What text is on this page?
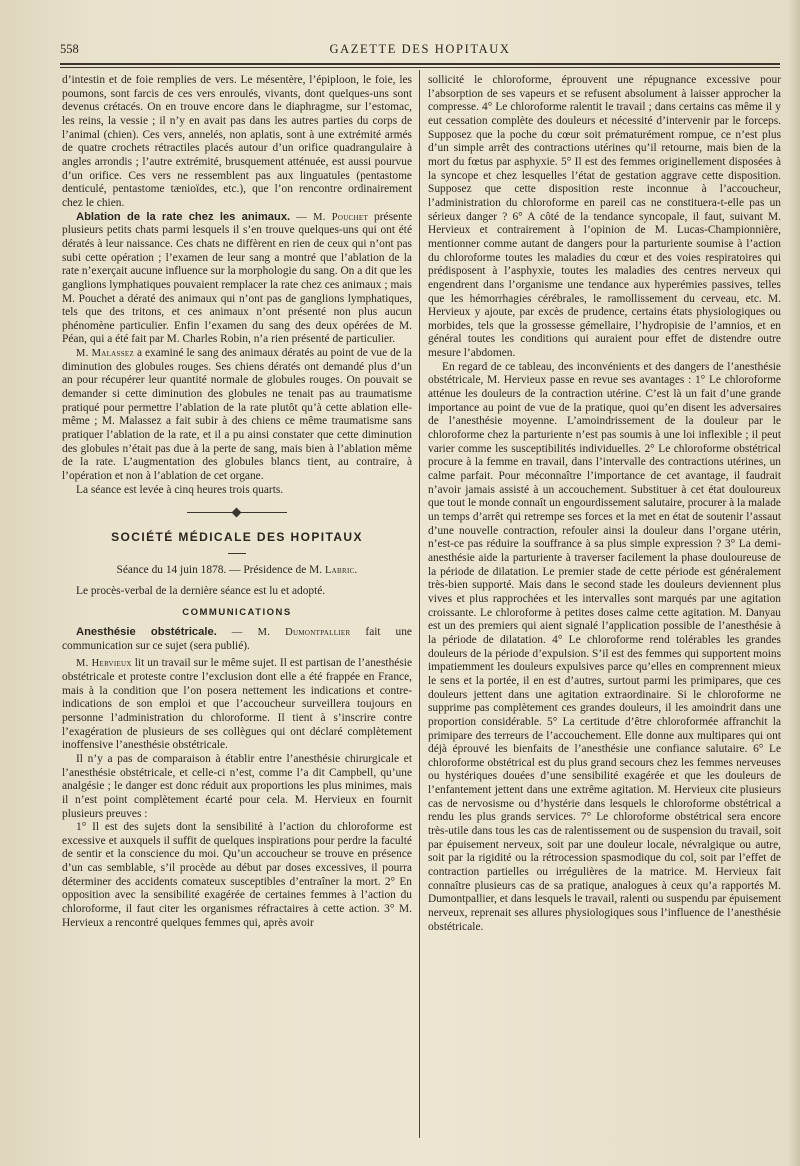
558	GAZETTE DES HOPITAUX

d’intestin et de foie remplies de vers. Le mésentère, l’épiploon, le foie, les poumons, sont farcis de ces vers enroulés, vivants, dont quelques-uns sont devenus crétacés. On en trouve encore dans le diaphragme, sur l’estomac, les reins, la vessie ; il n’y en avait pas dans les autres parties du corps de l’animal (chien). Ces vers, annelés, non aplatis, sont à une extrémité armés de quatre crochets rétractiles placés autour d’un orifice quadrangulaire à angles arrondis ; l’autre extrémité, brusquement atténuée, est aussi pourvue d’un orifice. Ces vers ne ressemblent pas aux linguatules (pentastome denticulé, pentastome tænioïdes, etc.), que l’on rencontre ordinairement chez le chien.

Ablation de la rate chez les animaux. — M. Pouchet présente plusieurs petits chats parmi lesquels il s’en trouve quelques-uns qui ont été dératés à leur naissance. Ces chats ne diffèrent en rien de ceux qui n’ont pas subi cette opération ; l’examen de leur sang a montré que l’ablation de la rate n’exerçait aucune influence sur la morphologie du sang. On a dit que les ganglions lymphatiques pouvaient remplacer la rate chez ces animaux ; mais M. Pouchet a dératé des animaux qui n’ont pas de ganglions lymphatiques, tels que des tritons, et ces animaux n’ont présenté non plus aucun phénomène particulier. Enfin l’examen du sang des deux opérées de M. Péan, qui a été fait par M. Charles Robin, n’a rien présenté de particulier.

M. Malassez a examiné le sang des animaux dératés au point de vue de la diminution des globules rouges. Ses chiens dératés ont demandé plus d’un an pour récupérer leur quantité normale de globules rouges. On pouvait se demander si cette diminution des globules ne tenait pas au traumatisme pratiqué pour permettre l’ablation de la rate plutôt qu’à cette ablation elle-même ; M. Malassez a fait subir à des chiens ce même traumatisme sans pratiquer l’ablation de la rate, et il a pu ainsi constater que cette diminution des globules n’était pas due à la perte de sang, mais bien à l’ablation même de la rate. L’augmentation des globules blancs tient, au contraire, à l’opération et non à l’ablation de cet organe.

La séance est levée à cinq heures trois quarts.

SOCIÉTÉ MÉDICALE DES HOPITAUX

Séance du 14 juin 1878. — Présidence de M. Labric.

Le procès-verbal de la dernière séance est lu et adopté.

COMMUNICATIONS

Anesthésie obstétricale. — M. Dumontpallier fait une communication sur ce sujet (sera publié).

M. Hervieux lit un travail sur le même sujet. Il est partisan de l’anesthésie obstétricale et proteste contre l’exclusion dont elle a été frappée en France, mais à la condition que l’on posera nettement les indications et contre-indications de son emploi et que l’accoucheur surveillera toujours en personne l’administration du chloroforme. Il tient à s’inscrire contre l’exagération de plusieurs de ses collègues qui ont déclaré complètement inoffensive l’anesthésie obstétricale.

Il n’y a pas de comparaison à établir entre l’anesthésie chirurgicale et l’anesthésie obstétricale, et celle-ci n’est, comme l’a dit Campbell, qu’une analgésie ; le danger est donc réduit aux proportions les plus minimes, mais il n’est point complètement écarté pour cela. M. Hervieux en fournit plusieurs preuves :

1° Il est des sujets dont la sensibilité à l’action du chloroforme est excessive et auxquels il suffit de quelques inspirations pour perdre la faculté de sentir et la conscience du moi. Qu’un accoucheur se trouve en présence d’un cas semblable, s’il procède au début par doses excessives, il pourra déterminer des accidents comateux susceptibles d’entraîner la mort. 2° En opposition avec la sensibilité exagérée de certaines femmes à l’action du chloroforme, il faut citer les organismes réfractaires à cette action. 3° M. Hervieux a rencontré quelques femmes qui, après avoir

sollicité le chloroforme, éprouvent une répugnance excessive pour l’absorption de ses vapeurs et se refusent absolument à laisser approcher la compresse. 4° Le chloroforme ralentit le travail ; dans certains cas même il y eut cessation complète des douleurs et nécessité d’intervenir par le forceps. Supposez que la poche du cœur soit prématurément rompue, ce n’est plus d’un simple arrêt des contractions utérines qu’il retourne, mais bien de la mort du fœtus par asphyxie. 5° Il est des femmes originellement disposées à la syncope et chez lesquelles l’état de gestation aggrave cette disposition. Supposez que cette disposition reste inconnue à l’accoucheur, l’administration du chloroforme en pareil cas ne constituera-t-elle pas un sérieux danger ? 6° A côté de la tendance syncopale, il faut, suivant M. Hervieux et contrairement à l’opinion de M. Lucas-Championnière, mentionner comme autant de dangers pour la parturiente soumise à l’action du chloroforme toutes les maladies du cœur et des voies respiratoires qui prédisposent à l’asphyxie, toutes les maladies des centres nerveux qui engendrent dans l’organisme une tendance aux hyperémies passives, telles que les hémorrhagies cérébrales, le ramollissement du cerveau, etc. M. Hervieux y ajoute, par excès de prudence, certains états physiologiques ou morbides, tels que la grossesse gémellaire, l’hydropisie de l’amnios, et en général toutes les conditions qui auraient pour effet de distendre outre mesure l’abdomen.

En regard de ce tableau, des inconvénients et des dangers de l’anesthésie obstétricale, M. Hervieux passe en revue ses avantages : 1° Le chloroforme atténue les douleurs de la contraction utérine. C’est là un fait d’une grande importance au point de vue de la pratique, quoi qu’en disent les adversaires de l’anesthésie moyenne. L’amoindrissement de la douleur par le chloroforme chez la parturiente n’est pas soumis à une loi inflexible ; il peut varier comme les susceptibilités individuelles. 2° Le chloroforme obstétrical procure à la femme en travail, dans l’intervalle des contractions utérines, un calme parfait. Pour méconnaître l’importance de cet avantage, il faudrait n’avoir jamais assisté à un accouchement. Substituer à cet état douloureux que tout le monde connaît un engourdissement salutaire, procurer à la malade un temps d’arrêt qui retrempe ses forces et la met en état de soutenir l’assaut d’une nouvelle contraction, refouler ainsi la douleur dans l’organe utérin, n’est-ce pas réduire la souffrance à sa plus simple expression ? 3° La demi-anesthésie aide la parturiente à traverser facilement la phase douloureuse de la période de dilatation. Le premier stade de cette période est généralement très-bien supporté. Mais dans le second stade les douleurs deviennent plus vives et plus rapprochées et les intervalles sont marqués par une agitation croissante. Le chloroforme à petites doses calme cette agitation. M. Danyau est un des premiers qui aient signalé l’application possible de l’anesthésie à la période de dilatation. 4° Le chloroforme rend tolérables les grandes douleurs de la période d’expulsion. S’il est des femmes qui supportent moins impatiemment les douleurs expulsives parce qu’elles en comprennent mieux le sens et la portée, il en est d’autres, surtout parmi les primipares, que ces douleurs jettent dans une agitation extraordinaire. Si le chloroforme ne supprime pas complètement ces grandes douleurs, il les amoindrit dans une proportion considérable. 5° La certitude d’être chloroformée affranchit la primipare des terreurs de l’accouchement. Elle donne aux multipares qui ont déjà éprouvé les bienfaits de l’anesthésie une confiance salutaire. 6° Le chloroforme obstétrical est du plus grand secours chez les femmes nerveuses ou hystériques douées d’une sensibilité exagérée et que les douleurs de l’enfantement jettent dans une extrême agitation. M. Hervieux cite plusieurs cas de nervosisme ou d’hystérie dans lesquels le chloroforme obstétrical a rendu les plus grands services. 7° Le chloroforme obstétrical sera encore très-utile dans tous les cas de ralentissement ou de suspension du travail, soit par épuisement nerveux, soit par une douleur locale, névralgique ou autre, soit par la rigidité ou la rétrocession spasmodique du col, soit par l’effet de contraction partielles ou irrégulières de la matrice. M. Hervieux fait connaître plusieurs cas de sa pratique, analogues à ceux qu’a rapportés M. Dumontpallier, et dans lesquels le travail, ralenti ou suspendu par épuisement nerveux, reprenait ses allures physiologiques sous l’influence de l’anesthésie obstétricale.
